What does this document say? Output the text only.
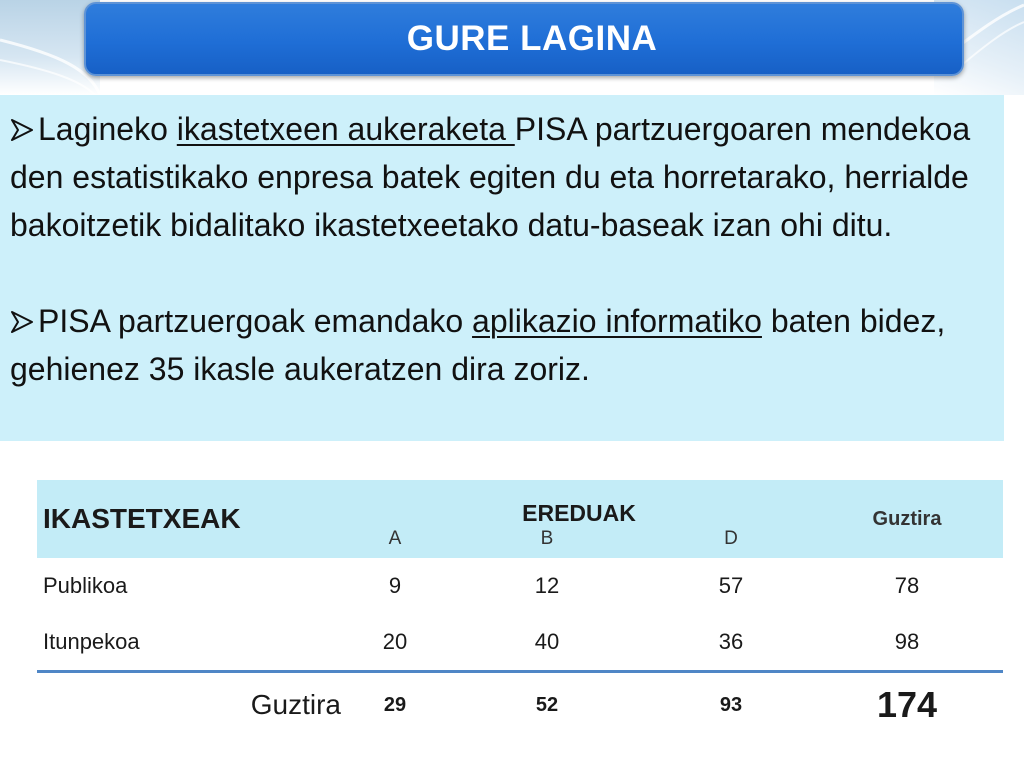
GURE LAGINA

Lagineko ikastetxeen aukeraketa PISA partzuergoaren mendekoa den estatistikako enpresa batek egiten du eta horretarako, herrialde bakoitzetik bidalitako ikastetxeetako datu-baseak izan ohi ditu.

PISA partzuergoak emandako aplikazio informatiko baten bidez, gehienez 35 ikasle aukeratzen dira zoriz.

IKASTETXEAK	EREDUAK			Guztira
	A	B	D	
Publikoa	9	12	57	78
Itunpekoa	20	40	36	98
Guztira	29	52	93	174
